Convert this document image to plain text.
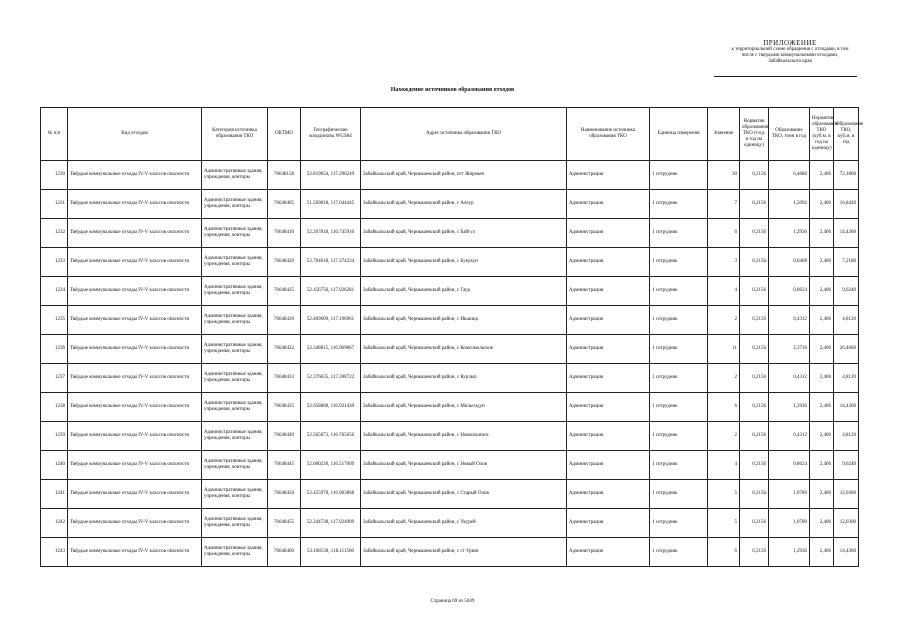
ПРИЛОЖЕНИЕ
к территориальной схеме обращения с отходами, в том
числе с твердыми коммунальными отходами,
Забайкальского края
Нахождение источников образования отходов
№ п/п	Вид отходов	Категория источника образования ТКО	ОКТМО	Географические координаты WGS84	Адрес источника образования ТКО	Наименование источника образования ТКО	Единица измерения	Значение	Норматив образования ТКО (т/ед. в год на единицу)	Образование ТКО, тонн в год	Норматив образования ТКО (куб.м. в год на единицу)	Образование ТКО, куб.м. в год
1230	Твёрдые коммунальные отходы IV-V классов опасности	Административные здания, учреждения, конторы	76648158	52.819054, 117.296249	Забайкальский край, Чернышевский район, пгт Жирекен	Администрация	1 сотрудник	30	0,2156	6,4680	2,406	72,1800
1231	Твёрдые коммунальные отходы IV-V классов опасности	Административные здания, учреждения, конторы	76648405	51.569818, 117.044445	Забайкальский край, Чернышевский район, с Алеур	Администрация	1 сотрудник	7	0,2156	1,5092	2,406	16,8420
1232	Твёрдые коммунальные отходы IV-V классов опасности	Административные здания, учреждения, конторы	76648410	52.267818, 116.745910	Забайкальский край, Чернышевский район, с Байгул	Администрация	1 сотрудник	6	0,2156	1,2936	2,406	14,4360
1233	Твёрдые коммунальные отходы IV-V классов опасности	Административные здания, учреждения, конторы	76648420	52.704618, 117.274234	Забайкальский край, Чернышевский район, с Букукун	Администрация	1 сотрудник	3	0,2156	0,6468	2,406	7,2180
1234	Твёрдые коммунальные отходы IV-V классов опасности	Административные здания, учреждения, конторы	76648425	52.456756, 117.026281	Забайкальский край, Чернышевский район, с Гаур	Администрация	1 сотрудник	4	0,2156	0,8624	2,406	9,6240
1235	Твёрдые коммунальные отходы IV-V классов опасности	Административные здания, учреждения, конторы	76648430	52.469609, 117.196961	Забайкальский край, Чернышевский район, с Икшица	Администрация	1 сотрудник	2	0,2156	0,4312	2,406	4,8120
1236	Твёрдые коммунальные отходы IV-V классов опасности	Административные здания, учреждения, конторы	76648432	52.348815, 116.969067	Забайкальский край, Чернышевский район, с Комсомольское	Администрация	1 сотрудник	11	0,2156	2,3716	2,406	26,4660
1237	Твёрдые коммунальные отходы IV-V классов опасности	Административные здания, учреждения, конторы	76648433	52.376635, 117.288722	Забайкальский край, Чернышевский район, с Курлыч	Администрация	1 сотрудник	2	0,2156	0,4312	2,406	4,8120
1238	Твёрдые коммунальные отходы IV-V классов опасности	Административные здания, учреждения, конторы	76648435	52.658808, 116.921430	Забайкальский край, Чернышевский район, с Мильгидун	Администрация	1 сотрудник	6	0,2156	1,2936	2,406	14,4360
1239	Твёрдые коммунальные отходы IV-V классов опасности	Административные здания, учреждения, конторы	76648440	52.565873, 116.765656	Забайкальский край, Чернышевский район, с Новоильинск	Администрация	1 сотрудник	2	0,2156	0,4312	2,406	4,8120
1240	Твёрдые коммунальные отходы IV-V классов опасности	Административные здания, учреждения, конторы	76648445	52.600230, 116.517609	Забайкальский край, Чернышевский район, с Новый Олов	Администрация	1 сотрудник	4	0,2156	0,8624	2,406	9,6240
1241	Твёрдые коммунальные отходы IV-V классов опасности	Административные здания, учреждения, конторы	76648450	52.455970, 116.963868	Забайкальский край, Чернышевский район, с Старый Олов	Администрация	1 сотрудник	5	0,2156	1,0780	2,406	12,0300
1242	Твёрдые коммунальные отходы IV-V классов опасности	Административные здания, учреждения, конторы	76648455	52.244738, 117.024909	Забайкальский край, Чернышевский район, с Укурей	Администрация	1 сотрудник	5	0,2156	1,0780	2,406	12,0300
1243	Твёрдые коммунальные отходы IV-V классов опасности	Административные здания, учреждения, конторы	76648460	53.168130, 118.111560	Забайкальский край, Чернышевский район, с ст Урюм	Администрация	1 сотрудник	6	0,2156	1,2936	2,406	14,4360
Страница 69 из 5049
